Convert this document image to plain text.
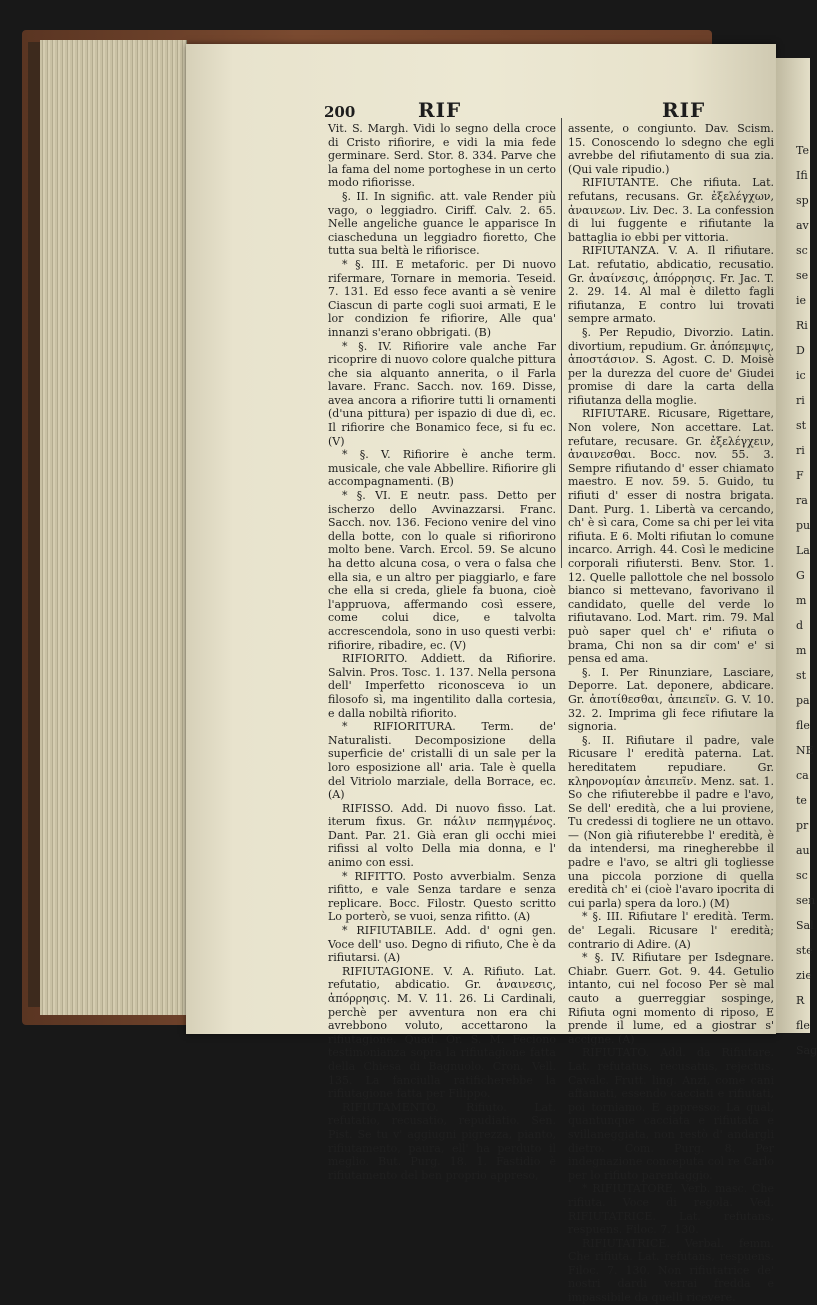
Te
Ifi
sp
av
sc
se
ie
Ri
D
ic
ri
st
ri
F
ra
pu
La
G
m
d
m
st
pa
fle
NE
ca
te
pr
au
sc
sen
Sal
ste
zie
R
fle
Sag
200	RIF	RIF

Vit. S. Margh. Vidi lo segno della croce di Cristo rifiorire, e vidi la mia fede germinare. Serd. Stor. 8. 334. Parve che la fama del nome portoghese in un certo modo rifiorisse.

§. II. In signific. att. vale Render più vago, o leggiadro. Ciriff. Calv. 2. 65. Nelle angeliche guance le apparisce In ciascheduna un leggiadro fioretto, Che tutta sua beltà le rifiorisce.

* §. III. E metaforic. per Di nuovo rifermare, Tornare in memoria. Teseid. 7. 131. Ed esso fece avanti a sè venire Ciascun di parte cogli suoi armati, E le lor condizion fe rifiorire, Alle qua' innanzi s'erano obbrigati. (B)

* §. IV. Rifiorire vale anche Far ricoprire di nuovo colore qualche pittura che sia alquanto annerita, o il Farla lavare. Franc. Sacch. nov. 169. Disse, avea ancora a rifiorire tutti li ornamenti (d'una pittura) per ispazio di due dì, ec. Il rifiorire che Bonamico fece, si fu ec. (V)

* §. V. Rifiorire è anche term. musicale, che vale Abbellire. Rifiorire gli accompagnamenti. (B)

* §. VI. E neutr. pass. Detto per ischerzo dello Avvinazzarsi. Franc. Sacch. nov. 136. Feciono venire del vino della botte, con lo quale si rifiorirono molto bene. Varch. Ercol. 59. Se alcuno ha detto alcuna cosa, o vera o falsa che ella sia, e un altro per piaggiarlo, e fare che ella si creda, gliele fa buona, cioè l'appruova, affermando così essere, come colui dice, e talvolta accrescendola, sono in uso questi verbi: rifiorire, ribadire, ec. (V)

RIFIORITO. Addiett. da Rifiorire. Salvin. Pros. Tosc. 1. 137. Nella persona dell' Imperfetto riconosceva io un filosofo sì, ma ingentilito dalla cortesia, e dalla nobiltà rifiorito.

* RIFIORITURA. Term. de' Naturalisti. Decomposizione della superficie de' cristalli di un sale per la loro esposizione all' aria. Tale è quella del Vitriolo marziale, della Borrace, ec. (A)

RIFISSO. Add. Di nuovo fisso. Lat. iterum fixus. Gr. πάλιν πεπηγμένος. Dant. Par. 21. Già eran gli occhi miei rifissi al volto Della mia donna, e l' animo con essi.

* RIFITTO. Posto avverbialm. Senza rifitto, e vale Senza tardare e senza replicare. Bocc. Filostr. Questo scritto Lo porterò, se vuoi, senza rifitto. (A)

* RIFIUTABILE. Add. d' ogni gen. Voce dell' uso. Degno di rifiuto, Che è da rifiutarsi. (A)

RIFIUTAGIONE. V. A. Rifiuto. Lat. refutatio, abdicatio. Gr. ἀναινεσις, ἀπόρρησις. M. V. 11. 26. Li Cardinali, perchè per avventura non era chi avrebbono voluto, accettarono la rifiutagione. Quad. Or. S. M. Feciono testimonianza sopra la rifiutagione fatta della Chiesa di Bagnuolo. Cron. Vell. 135. La fanciulla ratificherebbe la rifiutagione fatta per Filippo.

RIFIUTAMENTO. Rifiuto. Lat. refutatio, recusatio, repudiatio. Sen. Pist. Se tu v' aggiugni pigrezza, pianto, rifiutamento, paura, ell' ha perduto il meglio. But. Purg. 18. 1. Fastidio è rifiutamento del ben proprio appreso,

assente, o congiunto. Dav. Scism. 15. Conoscendo lo sdegno che egli avrebbe del rifiutamento di sua zia. (Qui vale ripudio.)

RIFIUTANTE. Che rifiuta. Lat. refutans, recusans. Gr. ἐξελέγχων, ἀναινεων. Liv. Dec. 3. La confession di lui fuggente e rifiutante la battaglia io ebbi per vittoria.

RIFIUTANZA. V. A. Il rifiutare. Lat. refutatio, abdicatio, recusatio. Gr. ἀναίνεσις, ἀπόρρησις. Fr. Jac. T. 2. 29. 14. Al mal è diletto fagli rifiutanza, E contro lui trovati sempre armato.

§. Per Repudio, Divorzio. Latin. divortium, repudium. Gr. ἀπόπεμψις, ἀποστάσιον. S. Agost. C. D. Moisè per la durezza del cuore de' Giudei promise di dare la carta della rifiutanza della moglie.

RIFIUTARE. Ricusare, Rigettare, Non volere, Non accettare. Lat. refutare, recusare. Gr. ἐξελέγχειν, ἀναινεσθαι. Bocc. nov. 55. 3. Sempre rifiutando d' esser chiamato maestro. E nov. 59. 5. Guido, tu rifiuti d' esser di nostra brigata. Dant. Purg. 1. Libertà va cercando, ch' è sì cara, Come sa chi per lei vita rifiuta. E 6. Molti rifiutan lo comune incarco. Arrigh. 44. Così le medicine corporali rifiutersti. Benv. Stor. 1. 12. Quelle pallottole che nel bossolo bianco si mettevano, favorivano il candidato, quelle del verde lo rifiutavano. Lod. Mart. rim. 79. Mal può saper quel ch' e' rifiuta o brama, Chi non sa dir com' e' si pensa ed ama.

§. I. Per Rinunziare, Lasciare, Deporre. Lat. deponere, abdicare. Gr. ἀποτίθεσθαι, ἀπειπεῖν. G. V. 10. 32. 2. Imprima gli fece rifiutare la signoria.

§. II. Rifiutare il padre, vale Ricusare l' eredità paterna. Lat. hereditatem repudiare. Gr. κληρονομίαν ἀπειπεῖν. Menz. sat. 1. So che rifiuterebbe il padre e l'avo, Se dell' eredità, che a lui proviene, Tu credessi di togliere ne un ottavo. — (Non già rifiuterebbe l' eredità, è da intendersi, ma rinegherebbe il padre e l'avo, se altri gli togliesse una piccola porzione di quella eredità ch' ei (cioè l'avaro ipocrita di cui parla) spera da loro.) (M)

* §. III. Rifiutare l' eredità. Term. de' Legali. Ricusare l' eredità; contrario di Adire. (A)

* §. IV. Rifiutare per Isdegnare. Chiabr. Guerr. Got. 9. 44. Getulio intanto, cui nel focoso Per sè mal cauto a guerreggiar sospinge, Rifiuta ogni momento di riposo, E prende il lume, ed a giostrar s' accigne. (A)

RIFIUTATO. Add. da Rifiutare. Lat. refutatus, recusatus, rejectus. Cavalc. Frutt. ling. Anzi, come cani affamati, essendo cacciati e rifiutati, poi torniamo. E appresso: La qual, quantunque cacciata e rifiutata e svillaneggiata, non restò d' andargli dietro. Com. Purg. 8. Per indegnazione conceputa col re Carlo per lo rifiuto parentaggio.

* RIFIUTATORE. Verb. masc. Che rifiuta. Voce di regola. Ved. RIFIUTATRICE. Lat. refutans, respuens. Filoc. 7. 130.

RIFIUTATRICE. Verbal. femm. Che rifiuta. Lat. refutans, respuens. Filoc. 7. 130. Non rifiutatrice de' nostri dardi verrai fredda e impassibile da quelli ricevere.
